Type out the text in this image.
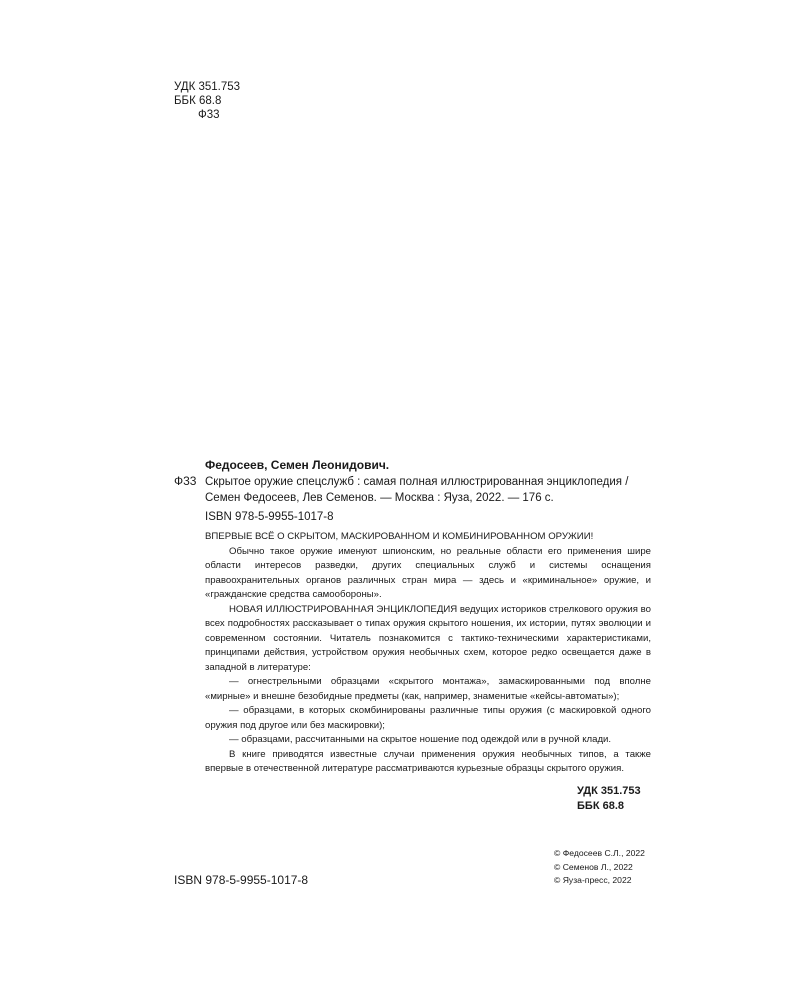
УДК 351.753
ББК 68.8
Ф33
Федосеев, Семен Леонидович.
Ф33 Скрытое оружие спецслужб : самая полная иллюстрированная энциклопедия /
Семен Федосеев, Лев Семенов. — Москва : Яуза, 2022. — 176 с.
ISBN 978-5-9955-1017-8

ВПЕРВЫЕ ВСЁ О СКРЫТОМ, МАСКИРОВАННОМ И КОМБИНИРОВАННОМ ОРУЖИИ!

Обычно такое оружие именуют шпионским, но реальные области его применения шире области интересов разведки, других специальных служб и системы оснащения правоохранительных органов различных стран мира — здесь и «криминальное» оружие, и «гражданские средства самообороны».

НОВАЯ ИЛЛЮСТРИРОВАННАЯ ЭНЦИКЛОПЕДИЯ ведущих историков стрелкового оружия во всех подробностях рассказывает о типах оружия скрытого ношения, их истории, путях эволюции и современном состоянии. Читатель познакомится с тактико-техническими характеристиками, принципами действия, устройством оружия необычных схем, которое редко освещается даже в западной в литературе:

— огнестрельными образцами «скрытого монтажа», замаскированными под вполне «мирные» и внешне безобидные предметы (как, например, знаменитые «кейсы-автоматы»);

— образцами, в которых скомбинированы различные типы оружия (с маскировкой одного оружия под другое или без маскировки);

— образцами, рассчитанными на скрытое ношение под одеждой или в ручной клади.

В книге приводятся известные случаи применения оружия необычных типов, а также впервые в отечественной литературе рассматриваются курьезные образцы скрытого оружия.

УДК 351.753
ББК 68.8
© Федосеев С.Л., 2022
© Семенов Л., 2022
© Яуза-пресс, 2022
ISBN 978-5-9955-1017-8
